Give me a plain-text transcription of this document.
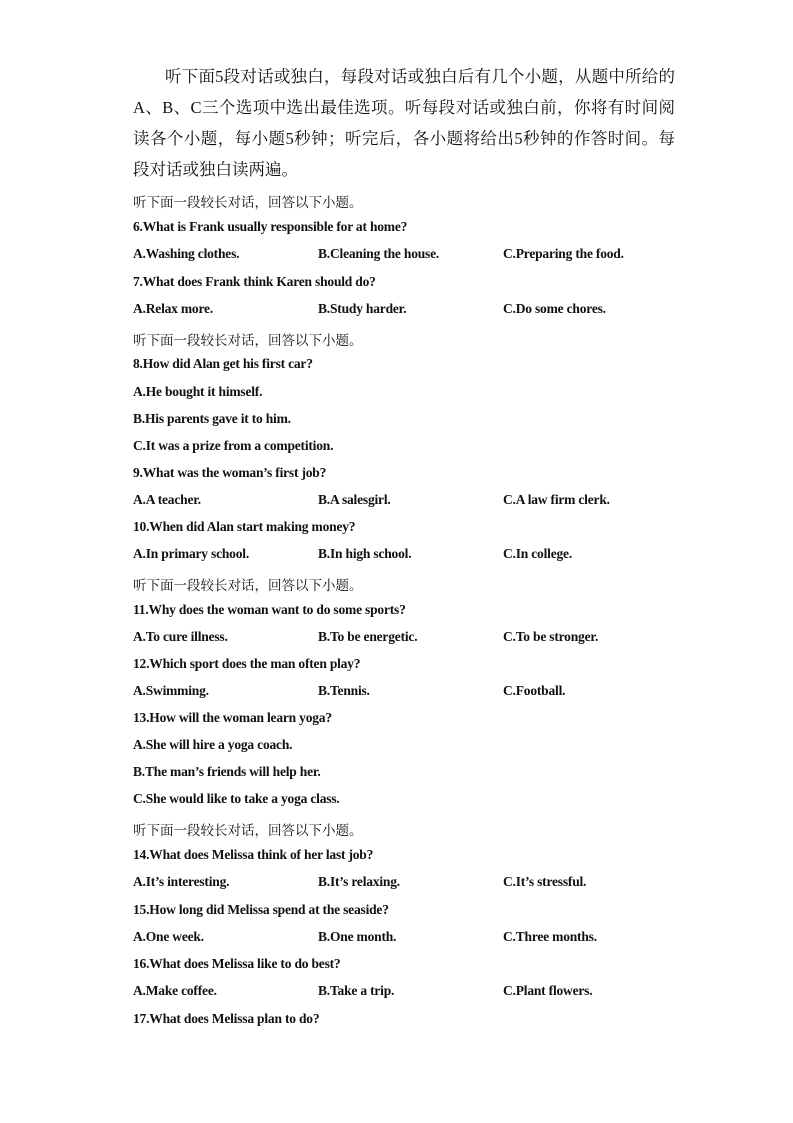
听下面5段对话或独白，每段对话或独白后有几个小题，从题中所给的A、B、C三个选项中选出最佳选项。听每段对话或独白前，你将有时间阅读各个小题，每小题5秒钟；听完后，各小题将给出5秒钟的作答时间。每段对话或独白读两遍。
听下面一段较长对话，回答以下小题。
6.What is Frank usually responsible for at home?
A.Washing clothes.	B.Cleaning the house.	C.Preparing the food.
7.What does Frank think Karen should do?
A.Relax more.	B.Study harder.	C.Do some chores.
听下面一段较长对话，回答以下小题。
8.How did Alan get his first car?
A.He bought it himself.
B.His parents gave it to him.
C.It was a prize from a competition.
9.What was the woman’s first job?
A.A teacher.	B.A salesgirl.	C.A law firm clerk.
10.When did Alan start making money?
A.In primary school.	B.In high school.	C.In college.
听下面一段较长对话，回答以下小题。
11.Why does the woman want to do some sports?
A.To cure illness.	B.To be energetic.	C.To be stronger.
12.Which sport does the man often play?
A.Swimming.	B.Tennis.	C.Football.
13.How will the woman learn yoga?
A.She will hire a yoga coach.
B.The man’s friends will help her.
C.She would like to take a yoga class.
听下面一段较长对话，回答以下小题。
14.What does Melissa think of her last job?
A.It’s interesting.	B.It’s relaxing.	C.It’s stressful.
15.How long did Melissa spend at the seaside?
A.One week.	B.One month.	C.Three months.
16.What does Melissa like to do best?
A.Make coffee.	B.Take a trip.	C.Plant flowers.
17.What does Melissa plan to do?
